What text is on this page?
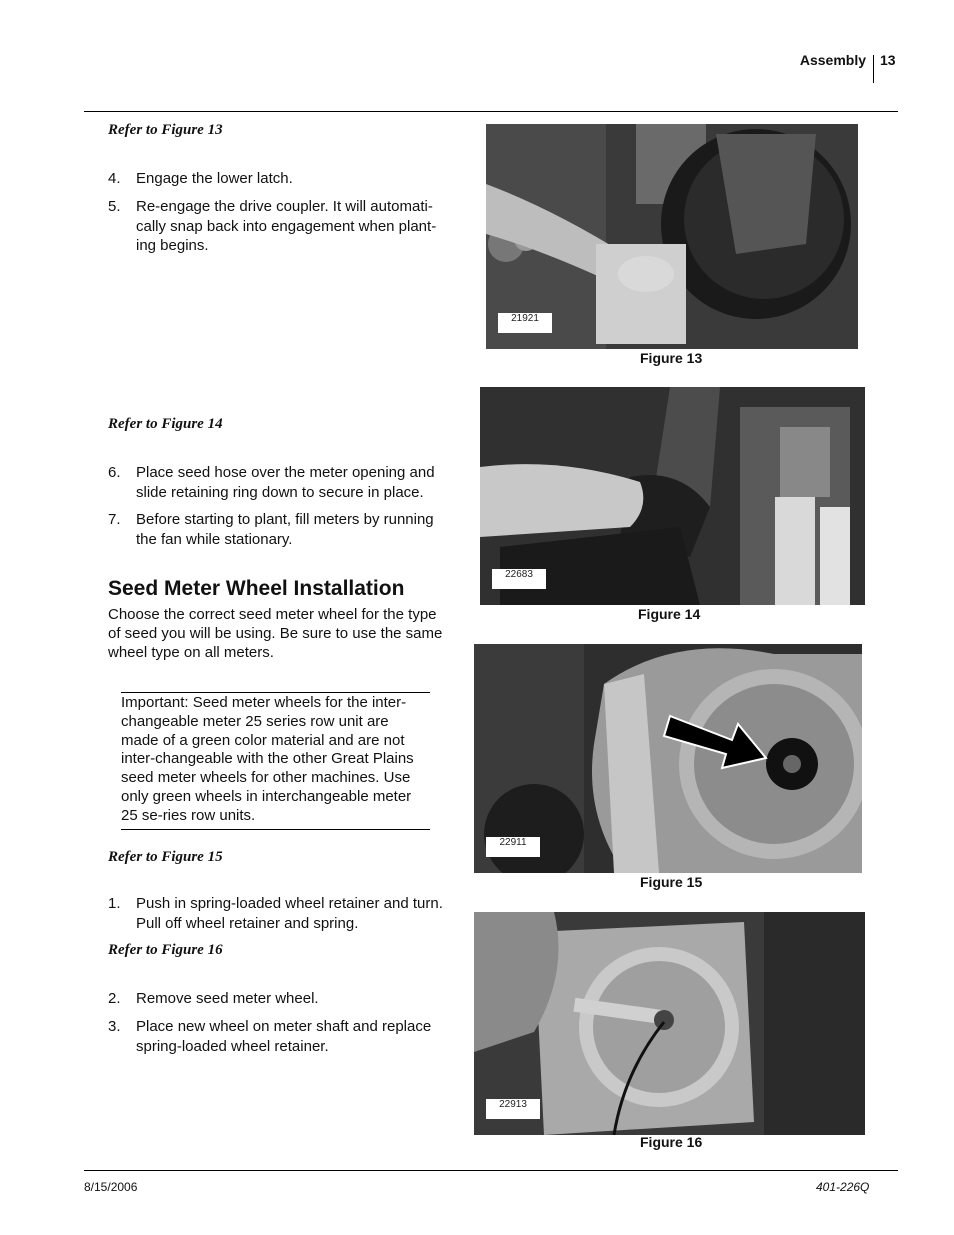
Assembly 13
Refer to Figure 13
4. Engage the lower latch.
5. Re-engage the drive coupler. It will automati-cally snap back into engagement when plant-ing begins.
Refer to Figure 14
6. Place seed hose over the meter opening and slide retaining ring down to secure in place.
7. Before starting to plant, fill meters by running the fan while stationary.
Seed Meter Wheel Installation
Choose the correct seed meter wheel for the type of seed you will be using. Be sure to use the same wheel type on all meters.
Important: Seed meter wheels for the inter-changeable meter 25 series row unit are made of a green color material and are not inter-changeable with the other Great Plains seed meter wheels for other machines. Use only green wheels in interchangeable meter 25 se-ries row units.
Refer to Figure 15
1. Push in spring-loaded wheel retainer and turn. Pull off wheel retainer and spring.
Refer to Figure 16
2. Remove seed meter wheel.
3. Place new wheel on meter shaft and replace spring-loaded wheel retainer.
21921
Figure 13
22683
Figure 14
22911
Figure 15
22913
Figure 16
8/15/2006	401-226Q
